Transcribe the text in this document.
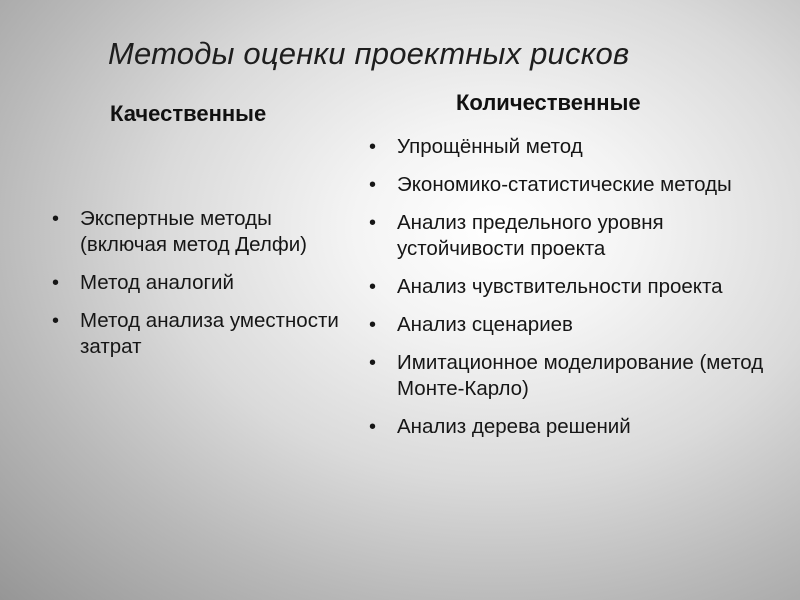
Методы оценки проектных рисков
Качественные
• Экспертные методы (включая метод Делфи)
• Метод аналогий
• Метод анализа уместности затрат
Количественные
• Упрощённый метод
• Экономико-статистические методы
• Анализ предельного уровня устойчивости проекта
• Анализ чувствительности проекта
• Анализ сценариев
• Имитационное моделирование (метод Монте-Карло)
• Анализ дерева решений
